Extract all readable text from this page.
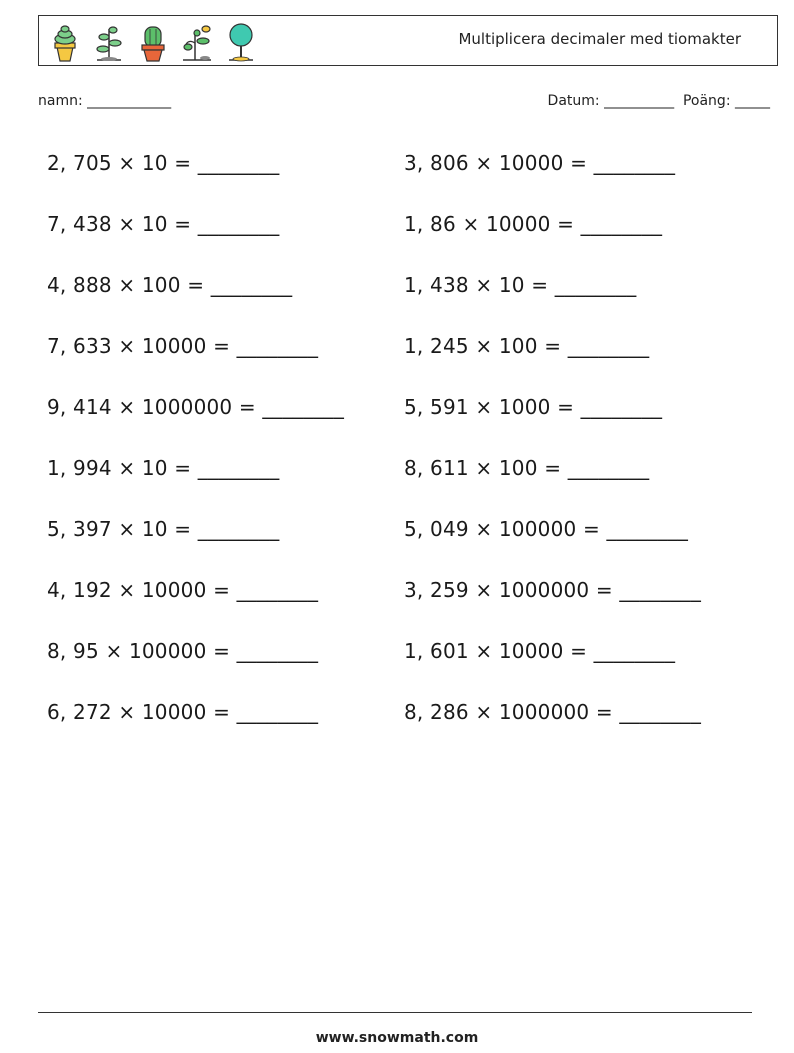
Multiplicera decimaler med tiomakter
namn: ____________	Datum: __________  Poäng: _____
2, 705 × 10 = ________
7, 438 × 10 = ________
4, 888 × 100 = ________
7, 633 × 10000 = ________
9, 414 × 1000000 = ________
1, 994 × 10 = ________
5, 397 × 10 = ________
4, 192 × 10000 = ________
8, 95 × 100000 = ________
6, 272 × 10000 = ________
3, 806 × 10000 = ________
1, 86 × 10000 = ________
1, 438 × 10 = ________
1, 245 × 100 = ________
5, 591 × 1000 = ________
8, 611 × 100 = ________
5, 049 × 100000 = ________
3, 259 × 1000000 = ________
1, 601 × 10000 = ________
8, 286 × 1000000 = ________
www.snowmath.com
